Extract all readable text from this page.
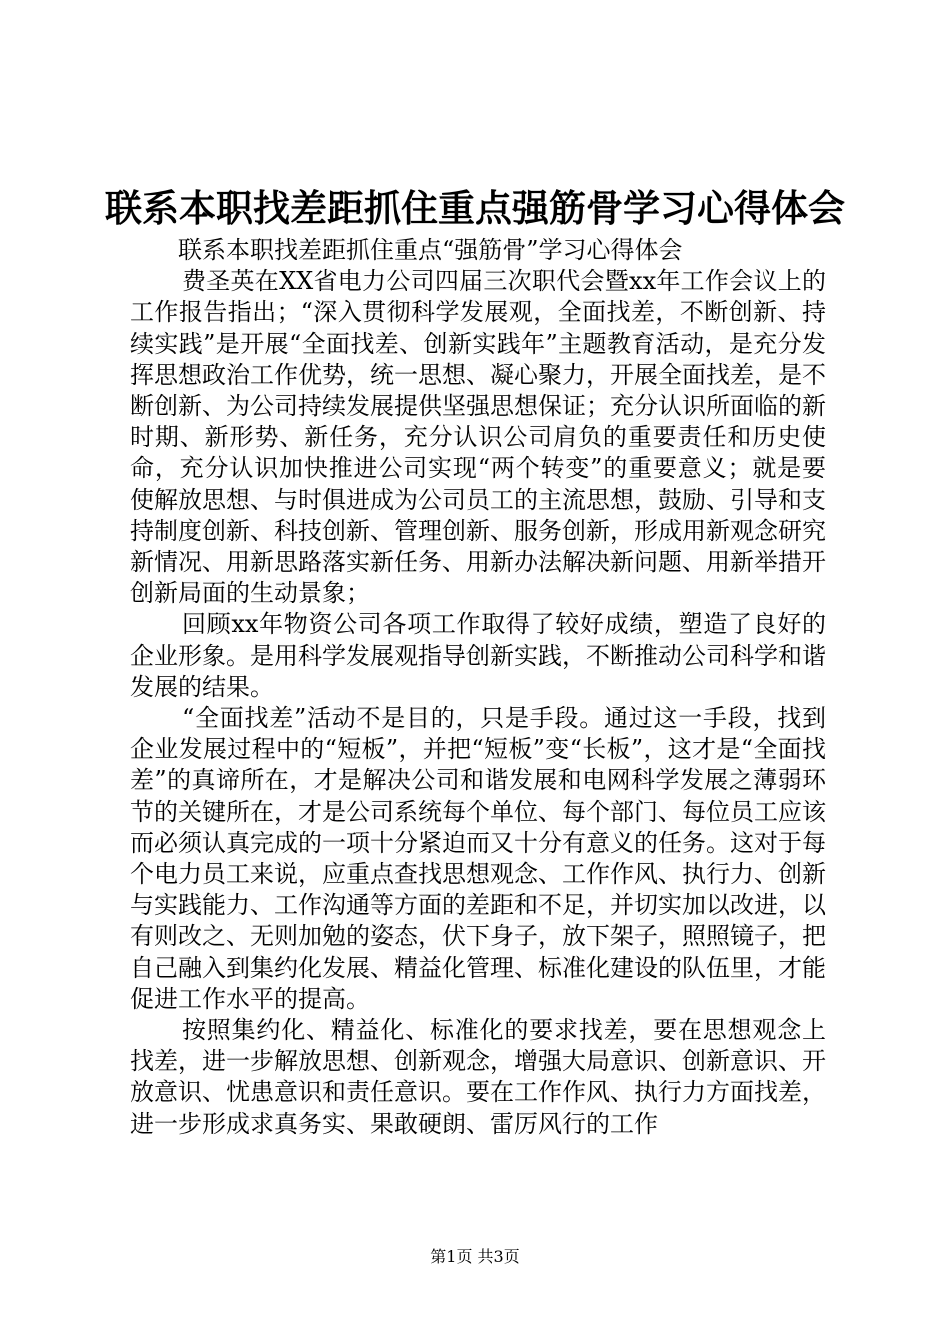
联系本职找差距抓住重点强筋骨学习心得体会

联系本职找差距抓住重点“强筋骨”学习心得体会

费圣英在XX省电力公司四届三次职代会暨xx年工作会议上的工作报告指出；“深入贯彻科学发展观，全面找差，不断创新、持续实践”是开展“全面找差、创新实践年”主题教育活动，是充分发挥思想政治工作优势，统一思想、凝心聚力，开展全面找差，是不断创新、为公司持续发展提供坚强思想保证；充分认识所面临的新时期、新形势、新任务，充分认识公司肩负的重要责任和历史使命，充分认识加快推进公司实现“两个转变”的重要意义；就是要使解放思想、与时俱进成为公司员工的主流思想，鼓励、引导和支持制度创新、科技创新、管理创新、服务创新，形成用新观念研究新情况、用新思路落实新任务、用新办法解决新问题、用新举措开创新局面的生动景象；

回顾xx年物资公司各项工作取得了较好成绩，塑造了良好的企业形象。是用科学发展观指导创新实践，不断推动公司科学和谐发展的结果。

“全面找差”活动不是目的，只是手段。通过这一手段，找到企业发展过程中的“短板”，并把“短板”变“长板”，这才是“全面找差”的真谛所在，才是解决公司和谐发展和电网科学发展之薄弱环节的关键所在，才是公司系统每个单位、每个部门、每位员工应该而必须认真完成的一项十分紧迫而又十分有意义的任务。这对于每个电力员工来说，应重点查找思想观念、工作作风、执行力、创新与实践能力、工作沟通等方面的差距和不足，并切实加以改进，以有则改之、无则加勉的姿态，伏下身子，放下架子，照照镜子，把自己融入到集约化发展、精益化管理、标准化建设的队伍里，才能促进工作水平的提高。

按照集约化、精益化、标准化的要求找差，要在思想观念上找差，进一步解放思想、创新观念，增强大局意识、创新意识、开放意识、忧患意识和责任意识。要在工作作风、执行力方面找差，进一步形成求真务实、果敢硬朗、雷厉风行的工作

第1页 共3页
